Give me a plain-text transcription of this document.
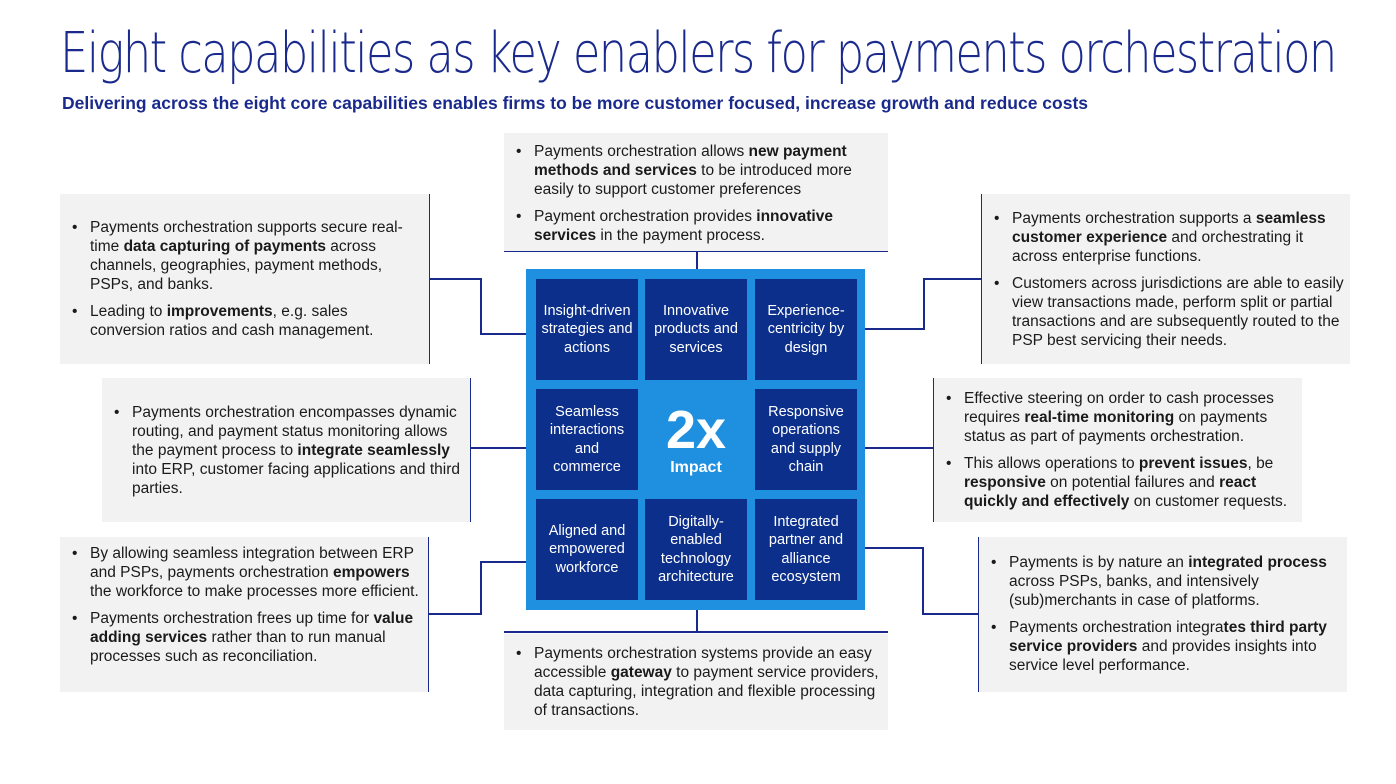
Eight capabilities as key enablers for payments orchestration
Delivering across the eight core capabilities enables firms to be more customer focused, increase growth and reduce costs
• Payments orchestration allows new payment methods and services to be introduced more easily to support customer preferences
• Payment orchestration provides innovative services in the payment process.
• Payments orchestration supports secure real-time data capturing of payments across channels, geographies, payment methods, PSPs, and banks.
• Leading to improvements, e.g. sales conversion ratios and cash management.
• Payments orchestration supports a seamless customer experience and orchestrating it across enterprise functions.
• Customers across jurisdictions are able to easily view transactions made, perform split or partial transactions and are subsequently routed to the PSP best servicing their needs.
• Payments orchestration encompasses dynamic routing, and payment status monitoring allows the payment process to integrate seamlessly into ERP, customer facing applications and third parties.
• Effective steering on order to cash processes requires real-time monitoring on payments status as part of payments orchestration.
• This allows operations to prevent issues, be responsive on potential failures and react quickly and effectively on customer requests.
• By allowing seamless integration between ERP and PSPs, payments orchestration empowers the workforce to make processes more efficient.
• Payments orchestration frees up time for value adding services rather than to run manual processes such as reconciliation.
• Payments is by nature an integrated process across PSPs, banks, and intensively (sub)merchants in case of platforms.
• Payments orchestration integrates third party service providers and provides insights into service level performance.
• Payments orchestration systems provide an easy accessible gateway to payment service providers, data capturing, integration and flexible processing of transactions.
Insight-driven strategies and actions
Innovative products and services
Experience-centricity by design
Seamless interactions and commerce
2x
Impact
Responsive operations and supply chain
Aligned and empowered workforce
Digitally-enabled technology architecture
Integrated partner and alliance ecosystem
